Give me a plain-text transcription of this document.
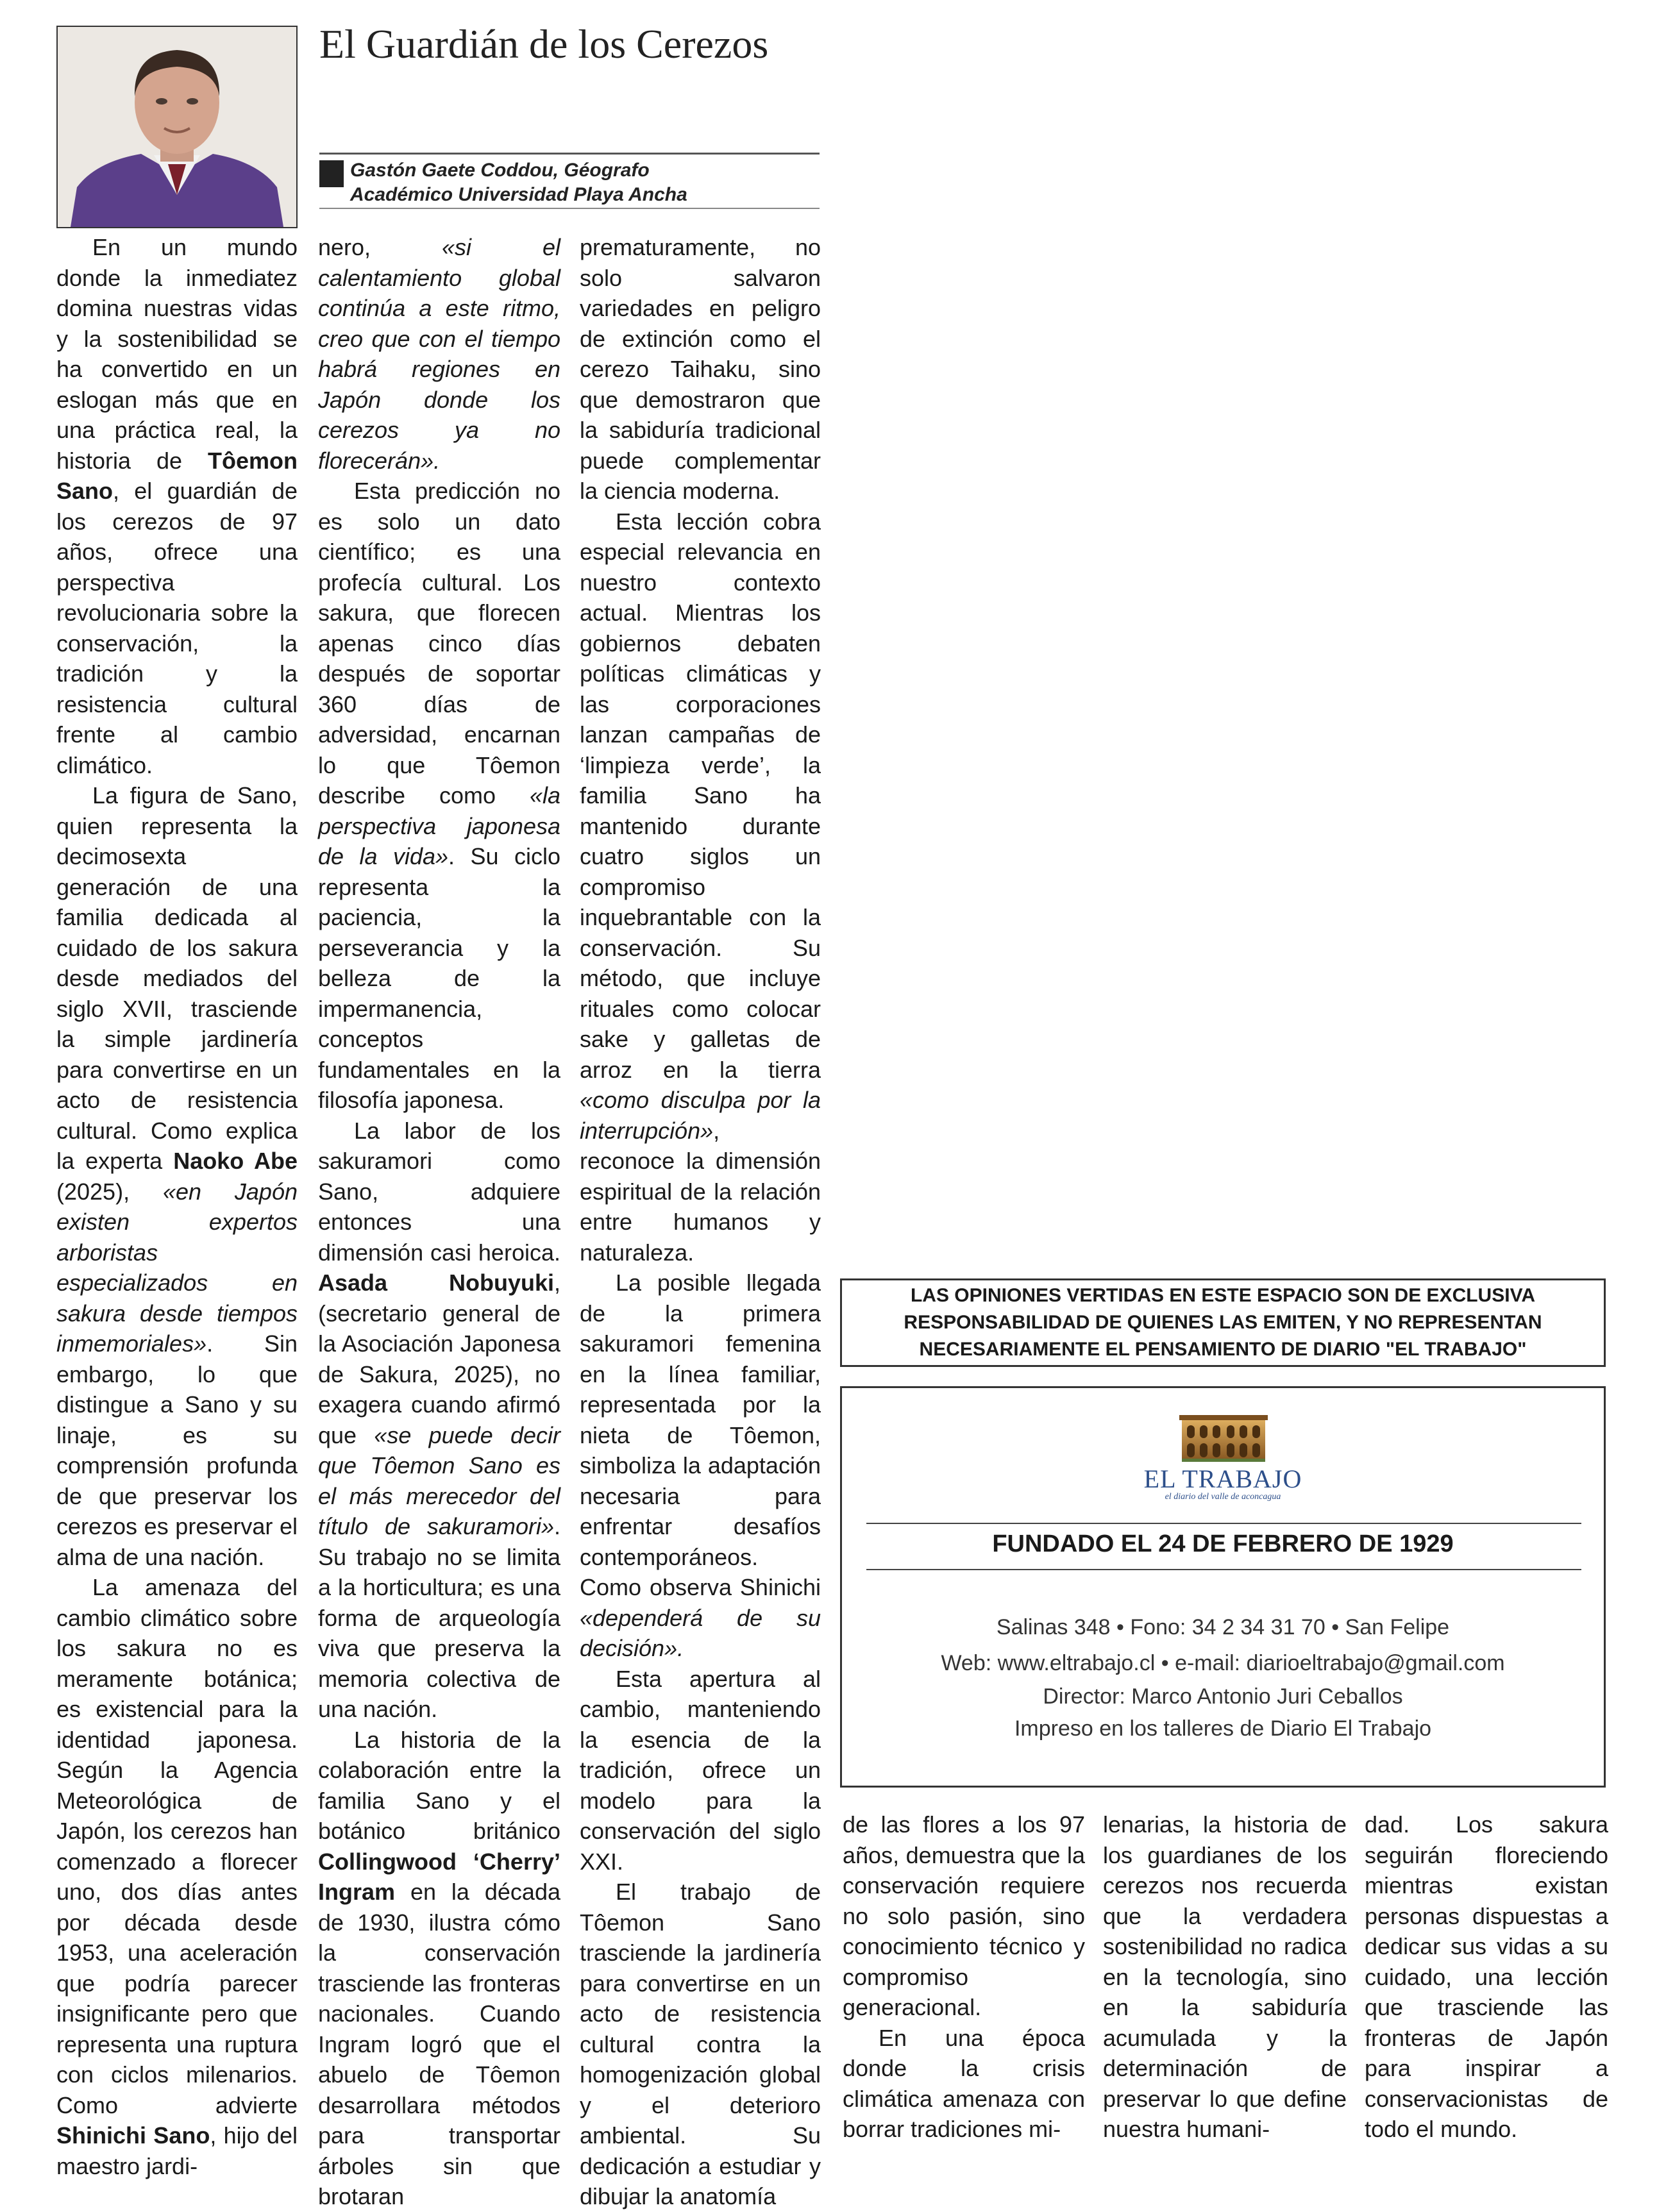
El Guardián de los Cerezos
Gastón Gaete Coddou, Géografo
Académico Universidad Playa Ancha

En un mundo donde la inmediatez domina nuestras vidas y la sostenibilidad se ha convertido en un eslogan más que en una práctica real, la historia de Tôemon Sano, el guardián de los cerezos de 97 años, ofrece una perspectiva revolucionaria sobre la conservación, la tradición y la resistencia cultural frente al cambio climático.

La figura de Sano, quien representa la decimosexta generación de una familia dedicada al cuidado de los sakura desde mediados del siglo XVII, trasciende la simple jardinería para convertirse en un acto de resistencia cultural. Como explica la experta Naoko Abe (2025), «en Japón existen expertos arboristas especializados en sakura desde tiempos inmemoriales». Sin embargo, lo que distingue a Sano y su linaje, es su comprensión profunda de que preservar los cerezos es preservar el alma de una nación.

La amenaza del cambio climático sobre los sakura no es meramente botánica; es existencial para la identidad japonesa. Según la Agencia Meteorológica de Japón, los cerezos han comenzado a florecer uno, dos días antes por década desde 1953, una aceleración que podría parecer insignificante pero que representa una ruptura con ciclos milenarios. Como advierte Shinichi Sano, hijo del maestro jardi-

nero, «si el calentamiento global continúa a este ritmo, creo que con el tiempo habrá regiones en Japón donde los cerezos ya no florecerán».

Esta predicción no es solo un dato científico; es una profecía cultural. Los sakura, que florecen apenas cinco días después de soportar 360 días de adversidad, encarnan lo que Tôemon describe como «la perspectiva japonesa de la vida». Su ciclo representa la paciencia, la perseverancia y la belleza de la impermanencia, conceptos fundamentales en la filosofía japonesa.

La labor de los sakuramori como Sano, adquiere entonces una dimensión casi heroica. Asada Nobuyuki, (secretario general de la Asociación Japonesa de Sakura, 2025), no exagera cuando afirmó que «se puede decir que Tôemon Sano es el más merecedor del título de sakuramori». Su trabajo no se limita a la horticultura; es una forma de arqueología viva que preserva la memoria colectiva de una nación.

La historia de la colaboración entre la familia Sano y el botánico británico Collingwood ‘Cherry’ Ingram en la década de 1930, ilustra cómo la conservación trasciende las fronteras nacionales. Cuando Ingram logró que el abuelo de Tôemon desarrollara métodos para transportar árboles sin que brotaran

prematuramente, no solo salvaron variedades en peligro de extinción como el cerezo Taihaku, sino que demostraron que la sabiduría tradicional puede complementar la ciencia moderna.

Esta lección cobra especial relevancia en nuestro contexto actual. Mientras los gobiernos debaten políticas climáticas y las corporaciones lanzan campañas de ‘limpieza verde’, la familia Sano ha mantenido durante cuatro siglos un compromiso inquebrantable con la conservación. Su método, que incluye rituales como colocar sake y galletas de arroz en la tierra «como disculpa por la interrupción», reconoce la dimensión espiritual de la relación entre humanos y naturaleza.

La posible llegada de la primera sakuramori femenina en la línea familiar, representada por la nieta de Tôemon, simboliza la adaptación necesaria para enfrentar desafíos contemporáneos. Como observa Shinichi «dependerá de su decisión».

Esta apertura al cambio, manteniendo la esencia de la tradición, ofrece un modelo para la conservación del siglo XXI.

El trabajo de Tôemon Sano trasciende la jardinería para convertirse en un acto de resistencia cultural contra la homogenización global y el deterioro ambiental. Su dedicación a estudiar y dibujar la anatomía

LAS OPINIONES VERTIDAS EN ESTE ESPACIO SON DE EXCLUSIVA
RESPONSABILIDAD DE QUIENES LAS EMITEN, Y NO REPRESENTAN
NECESARIAMENTE EL PENSAMIENTO DE DIARIO "EL TRABAJO"
EL TRABAJO
el diario del valle de aconcagua
FUNDADO EL 24 DE FEBRERO DE 1929
Salinas 348 • Fono: 34 2 34 31 70 • San Felipe
Web: www.eltrabajo.cl • e-mail: diarioeltrabajo@gmail.com
Director: Marco Antonio Juri Ceballos
Impreso en los talleres de Diario El Trabajo

de las flores a los 97 años, demuestra que la conservación requiere no solo pasión, sino conocimiento técnico y compromiso generacional.

En una época donde la crisis climática amenaza con borrar tradiciones mi-

lenarias, la historia de los guardianes de los cerezos nos recuerda que la verdadera sostenibilidad no radica en la tecnología, sino en la sabiduría acumulada y la determinación de preservar lo que define nuestra humani-

dad. Los sakura seguirán floreciendo mientras existan personas dispuestas a dedicar sus vidas a su cuidado, una lección que trasciende las fronteras de Japón para inspirar a conservacionistas de todo el mundo.
